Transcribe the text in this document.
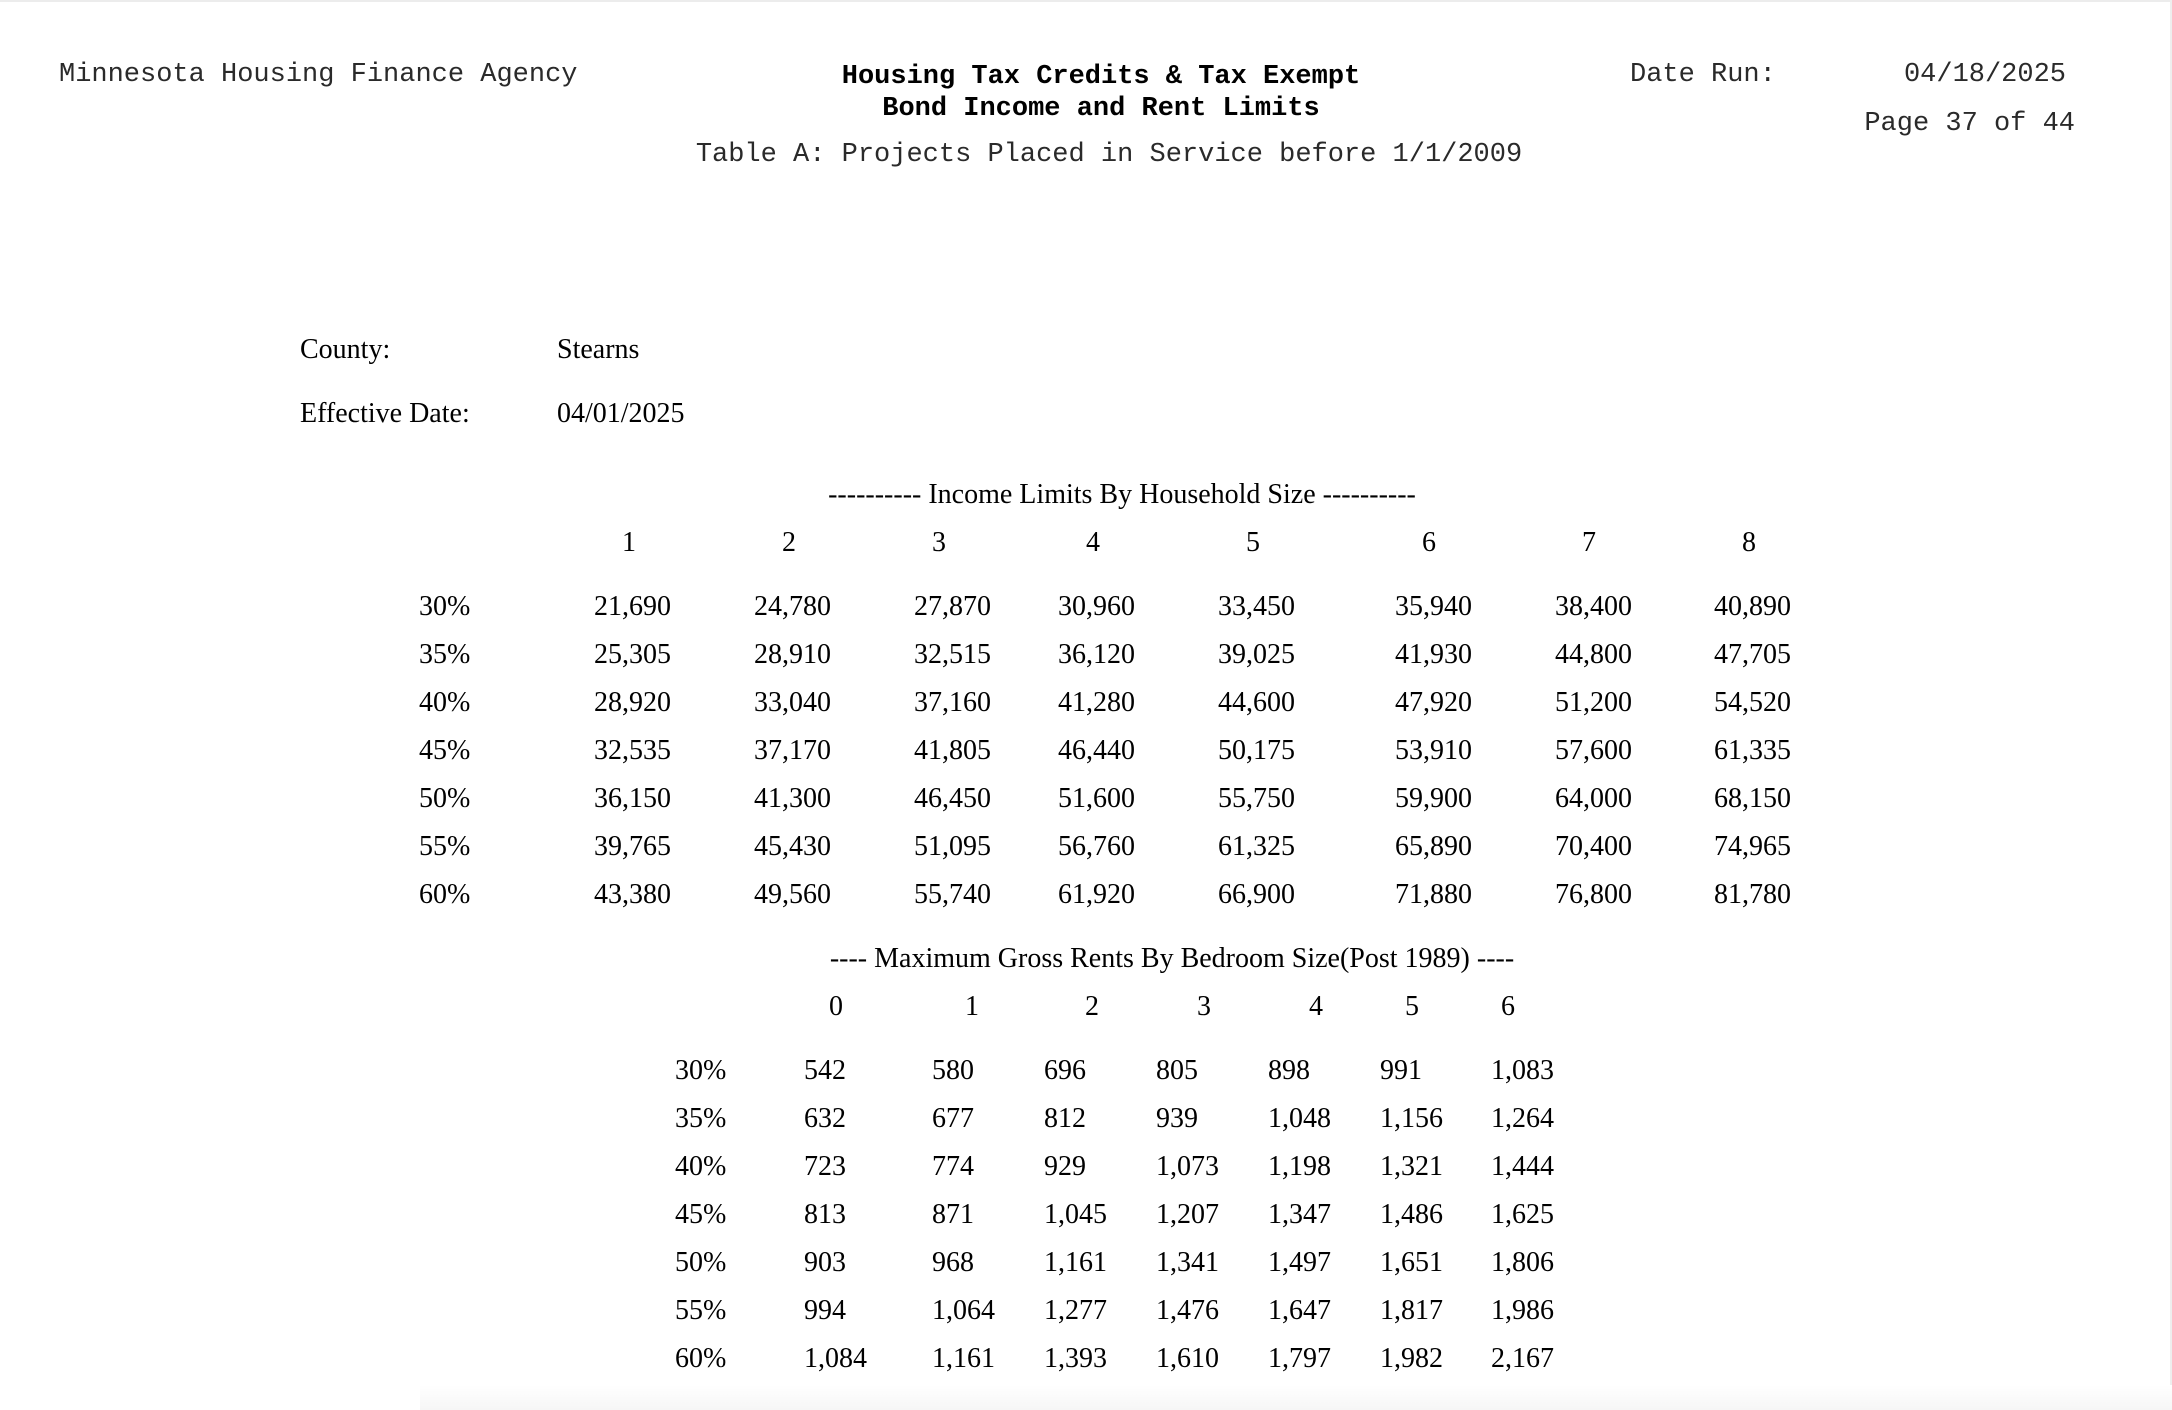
Minnesota Housing Finance Agency	Housing Tax Credits & Tax Exempt
Bond Income and Rent Limits
Table A: Projects Placed in Service before 1/1/2009
Date Run:	04/18/2025
Page 37 of 44
County:	Stearns
Effective Date:	04/01/2025
---------- Income Limits By Household Size ----------
1	2	3	4	5	6	7	8
30%	21,690	24,780	27,870 30,960	33,450	35,940	38,400	40,890
35%	25,305	28,910	32,515 36,120	39,025	41,930	44,800	47,705
40%	28,920	33,040	37,160 41,280	44,600	47,920	51,200	54,520
45%	32,535	37,170	41,805 46,440	50,175	53,910	57,600	61,335
50%	36,150	41,300	46,450 51,600	55,750	59,900	64,000	68,150
55%	39,765	45,430	51,095 56,760	61,325	65,890	70,400	74,965
60%	43,380	49,560	55,740 61,920	66,900	71,880	76,800	81,780
---- Maximum Gross Rents By Bedroom Size(Post 1989) ----
0	1	2	3	4	5	6
30%	542	580	696	805	898	991 1,083
35%	632	677	812	939	1,048 1,156 1,264
40%	723	774	929	1,073 1,198 1,321 1,444
45%	813	871	1,045 1,207 1,347 1,486 1,625
50%	903	968	1,161 1,341 1,497 1,651 1,806
55%	994	1,064 1,277 1,476 1,647 1,817 1,986
60%	1,084 1,161 1,393 1,610 1,797 1,982 2,167
